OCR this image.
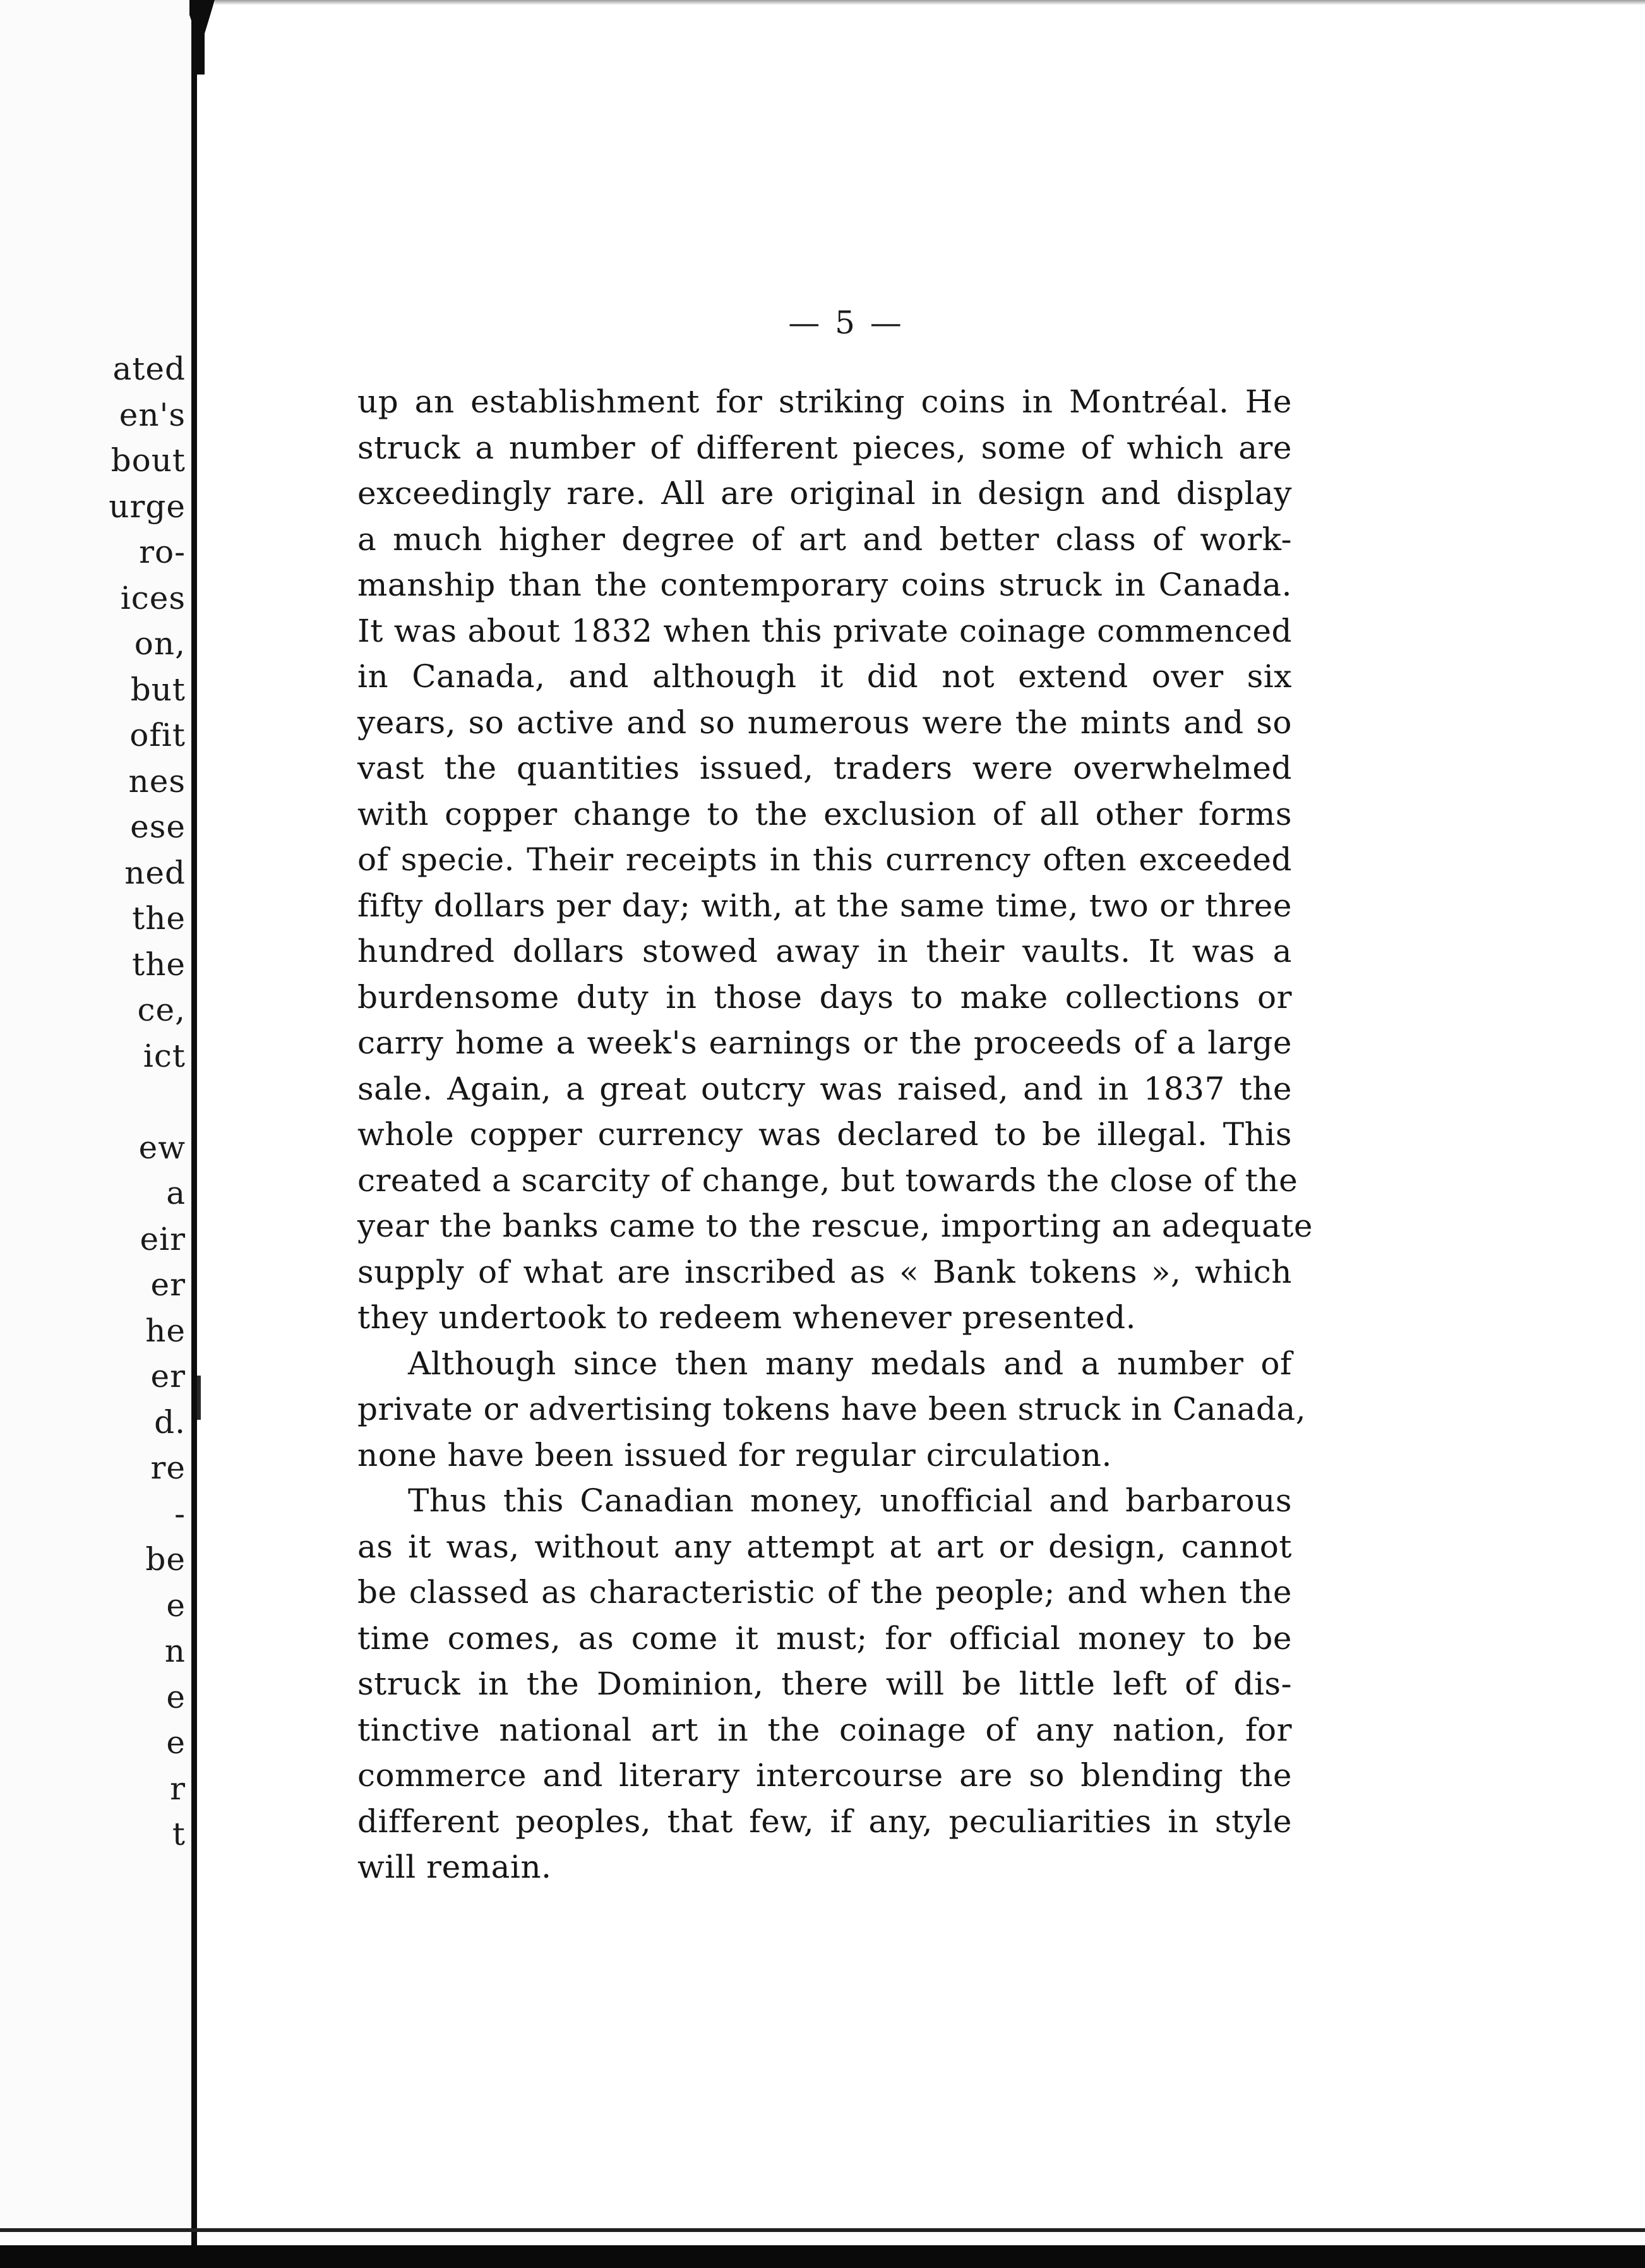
ated
en's
bout
urge
ro-
ices
on,
but
ofit
nes
ese
ned
the
the
ce,
ict
ew
a
eir
er
he
er
d.
re
-
be
e
n
e
e
r
t
— 5 —
up an establishment for striking coins in Montréal. He
struck a number of different pieces, some of which are
exceedingly rare. All are original in design and display
a much higher degree of art and better class of work-
manship than the contemporary coins struck in Canada.
It was about 1832 when this private coinage commenced
in Canada, and although it did not extend over six
years, so active and so numerous were the mints and so
vast the quantities issued, traders were overwhelmed
with copper change to the exclusion of all other forms
of specie. Their receipts in this currency often exceeded
fifty dollars per day; with, at the same time, two or three
hundred dollars stowed away in their vaults. It was a
burdensome duty in those days to make collections or
carry home a week's earnings or the proceeds of a large
sale. Again, a great outcry was raised, and in 1837 the
whole copper currency was declared to be illegal. This
created a scarcity of change, but towards the close of the
year the banks came to the rescue, importing an adequate
supply of what are inscribed as « Bank tokens », which
they undertook to redeem whenever presented.
Although since then many medals and a number of
private or advertising tokens have been struck in Canada,
none have been issued for regular circulation.
Thus this Canadian money, unofficial and barbarous
as it was, without any attempt at art or design, cannot
be classed as characteristic of the people; and when the
time comes, as come it must; for official money to be
struck in the Dominion, there will be little left of dis-
tinctive national art in the coinage of any nation, for
commerce and literary intercourse are so blending the
different peoples, that few, if any, peculiarities in style
will remain.
